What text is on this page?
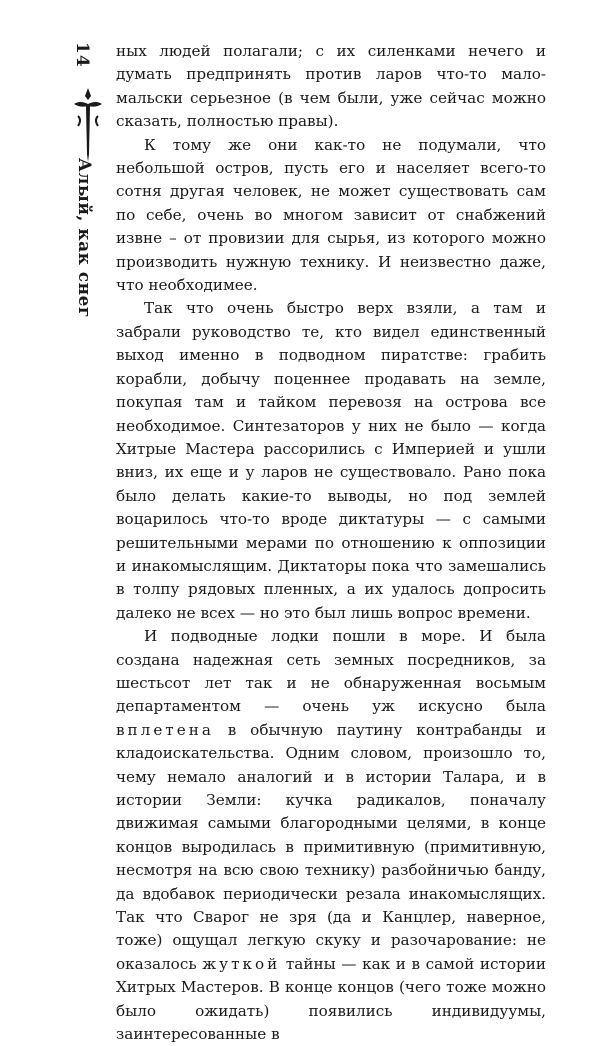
14
Алый, как снег

ных людей полагали; с их силенками нечего и думать предпринять против ларов что-то мало-мальски серьезное (в чем были, уже сейчас можно сказать, полностью правы).

К тому же они как-то не подумали, что небольшой остров, пусть его и населяет всего-то сотня другая человек, не может существовать сам по себе, очень во многом зависит от снабжений извне – от провизии для сырья, из которого можно производить нужную технику. И неизвестно даже, что необходимее.

Так что очень быстро верх взяли, а там и забрали руководство те, кто видел единственный выход именно в подводном пиратстве: грабить корабли, добычу поценнее продавать на земле, покупая там и тайком перевозя на острова все необходимое. Синтезаторов у них не было — когда Хитрые Мастера рассорились с Империей и ушли вниз, их еще и у ларов не существовало. Рано пока было делать какие-то выводы, но под землей воцарилось что-то вроде диктатуры — с самыми решительными мерами по отношению к оппозиции и инакомыслящим. Диктаторы пока что замешались в толпу рядовых пленных, а их удалось допросить далеко не всех — но это был лишь вопрос времени.

И подводные лодки пошли в море. И была создана надежная сеть земных посредников, за шестьсот лет так и не обнаруженная восьмым департаментом — очень уж искусно была вплетена в обычную паутину контрабанды и кладоискательства. Одним словом, произошло то, чему немало аналогий и в истории Талара, и в истории Земли: кучка радикалов, поначалу движимая самыми благородными целями, в конце концов выродилась в примитивную (примитивную, несмотря на всю свою технику) разбойничью банду, да вдобавок периодически резала инакомыслящих. Так что Сварог не зря (да и Канцлер, наверное, тоже) ощущал легкую скуку и разочарование: не оказалось жуткой тайны — как и в самой истории Хитрых Мастеров. В конце концов (чего тоже можно было ожидать) появились индивидуумы, заинтересованные в
